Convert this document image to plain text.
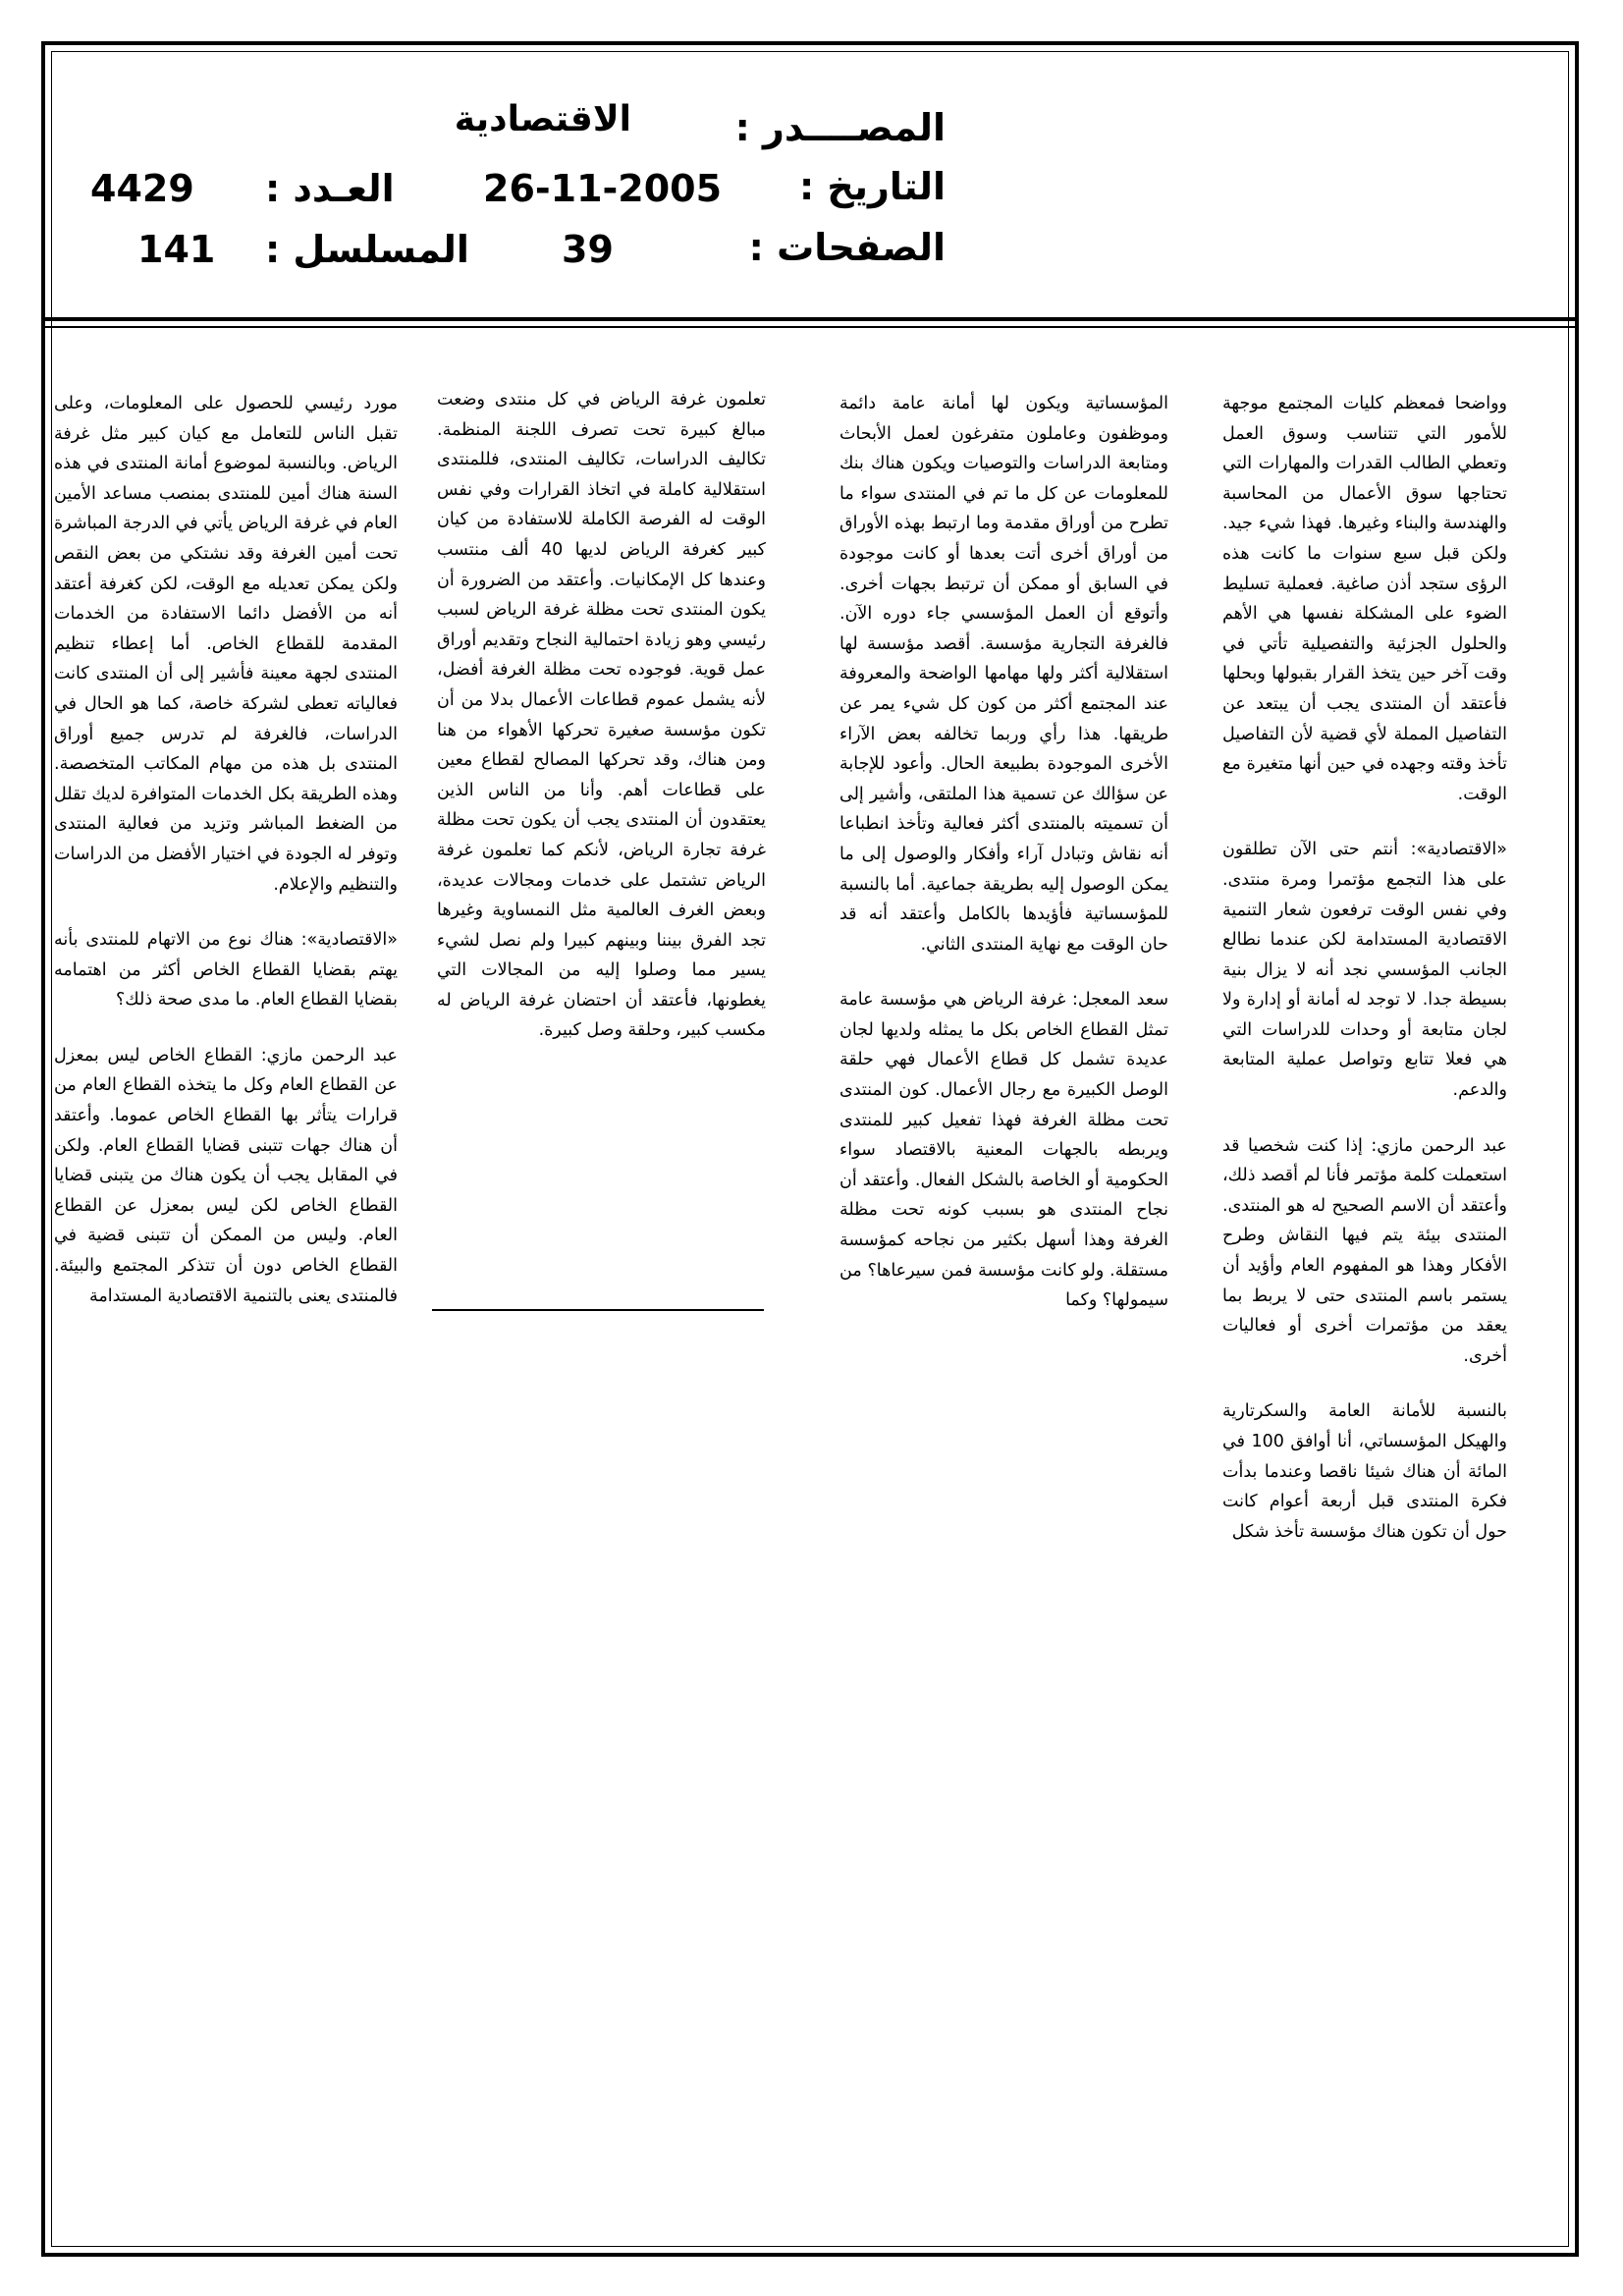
المصــــدر :
الاقتصادية
التاريخ :
26-11-2005
العـدد :
4429
الصفحات :
39
المسلسل :
141

وواضحا فمعظم كليات المجتمع موجهة للأمور التي تتناسب وسوق العمل وتعطي الطالب القدرات والمهارات التي تحتاجها سوق الأعمال من المحاسبة والهندسة والبناء وغيرها. فهذا شيء جيد. ولكن قبل سبع سنوات ما كانت هذه الرؤى ستجد أذن صاغية. فعملية تسليط الضوء على المشكلة نفسها هي الأهم والحلول الجزئية والتفصيلية تأتي في وقت آخر حين يتخذ القرار بقبولها وبحلها فأعتقد أن المنتدى يجب أن يبتعد عن التفاصيل المملة لأي قضية لأن التفاصيل تأخذ وقته وجهده في حين أنها متغيرة مع الوقت.

«الاقتصادية»: أنتم حتى الآن تطلقون على هذا التجمع مؤتمرا ومرة منتدى. وفي نفس الوقت ترفعون شعار التنمية الاقتصادية المستدامة لكن عندما نطالع الجانب المؤسسي نجد أنه لا يزال بنية بسيطة جدا. لا توجد له أمانة أو إدارة ولا لجان متابعة أو وحدات للدراسات التي هي فعلا تتابع وتواصل عملية المتابعة والدعم.

عبد الرحمن مازي: إذا كنت شخصيا قد استعملت كلمة مؤتمر فأنا لم أقصد ذلك، وأعتقد أن الاسم الصحيح له هو المنتدى. المنتدى بيئة يتم فيها النقاش وطرح الأفكار وهذا هو المفهوم العام وأؤيد أن يستمر باسم المنتدى حتى لا يربط بما يعقد من مؤتمرات أخرى أو فعاليات أخرى.

بالنسبة للأمانة العامة والسكرتارية والهيكل المؤسساتي، أنا أوافق 100 في المائة أن هناك شيئا ناقصا وعندما بدأت فكرة المنتدى قبل أربعة أعوام كانت حول أن تكون هناك مؤسسة تأخذ شكل

المؤسساتية ويكون لها أمانة عامة دائمة وموظفون وعاملون متفرغون لعمل الأبحاث ومتابعة الدراسات والتوصيات ويكون هناك بنك للمعلومات عن كل ما تم في المنتدى سواء ما تطرح من أوراق مقدمة وما ارتبط بهذه الأوراق من أوراق أخرى أتت بعدها أو كانت موجودة في السابق أو ممكن أن ترتبط بجهات أخرى. وأتوقع أن العمل المؤسسي جاء دوره الآن. فالغرفة التجارية مؤسسة. أقصد مؤسسة لها استقلالية أكثر ولها مهامها الواضحة والمعروفة عند المجتمع أكثر من كون كل شيء يمر عن طريقها. هذا رأي وربما تخالفه بعض الآراء الأخرى الموجودة بطبيعة الحال. وأعود للإجابة عن سؤالك عن تسمية هذا الملتقى، وأشير إلى أن تسميته بالمنتدى أكثر فعالية وتأخذ انطباعا أنه نقاش وتبادل آراء وأفكار والوصول إلى ما يمكن الوصول إليه بطريقة جماعية. أما بالنسبة للمؤسساتية فأؤيدها بالكامل وأعتقد أنه قد حان الوقت مع نهاية المنتدى الثاني.

سعد المعجل: غرفة الرياض هي مؤسسة عامة تمثل القطاع الخاص بكل ما يمثله ولديها لجان عديدة تشمل كل قطاع الأعمال فهي حلقة الوصل الكبيرة مع رجال الأعمال. كون المنتدى تحت مظلة الغرفة فهذا تفعيل كبير للمنتدى ويربطه بالجهات المعنية بالاقتصاد سواء الحكومية أو الخاصة بالشكل الفعال. وأعتقد أن نجاح المنتدى هو بسبب كونه تحت مظلة الغرفة وهذا أسهل بكثير من نجاحه كمؤسسة مستقلة. ولو كانت مؤسسة فمن سيرعاها؟ من سيمولها؟ وكما

تعلمون غرفة الرياض في كل منتدى وضعت مبالغ كبيرة تحت تصرف اللجنة المنظمة. تكاليف الدراسات، تكاليف المنتدى، فللمنتدى استقلالية كاملة في اتخاذ القرارات وفي نفس الوقت له الفرصة الكاملة للاستفادة من كيان كبير كغرفة الرياض لديها 40 ألف منتسب وعندها كل الإمكانيات. وأعتقد من الضرورة أن يكون المنتدى تحت مظلة غرفة الرياض لسبب رئيسي وهو زيادة احتمالية النجاح وتقديم أوراق عمل قوية. فوجوده تحت مظلة الغرفة أفضل، لأنه يشمل عموم قطاعات الأعمال بدلا من أن تكون مؤسسة صغيرة تحركها الأهواء من هنا ومن هناك، وقد تحركها المصالح لقطاع معين على قطاعات أهم. وأنا من الناس الذين يعتقدون أن المنتدى يجب أن يكون تحت مظلة غرفة تجارة الرياض، لأنكم كما تعلمون غرفة الرياض تشتمل على خدمات ومجالات عديدة، وبعض الغرف العالمية مثل النمساوية وغيرها تجد الفرق بيننا وبينهم كبيرا ولم نصل لشيء يسير مما وصلوا إليه من المجالات التي يغطونها، فأعتقد أن احتضان غرفة الرياض له مكسب كبير، وحلقة وصل كبيرة.

مورد رئيسي للحصول على المعلومات، وعلى تقبل الناس للتعامل مع كيان كبير مثل غرفة الرياض. وبالنسبة لموضوع أمانة المنتدى في هذه السنة هناك أمين للمنتدى بمنصب مساعد الأمين العام في غرفة الرياض يأتي في الدرجة المباشرة تحت أمين الغرفة وقد نشتكي من بعض النقص ولكن يمكن تعديله مع الوقت، لكن كغرفة أعتقد أنه من الأفضل دائما الاستفادة من الخدمات المقدمة للقطاع الخاص. أما إعطاء تنظيم المنتدى لجهة معينة فأشير إلى أن المنتدى كانت فعالياته تعطى لشركة خاصة، كما هو الحال في الدراسات، فالغرفة لم تدرس جميع أوراق المنتدى بل هذه من مهام المكاتب المتخصصة. وهذه الطريقة بكل الخدمات المتوافرة لديك تقلل من الضغط المباشر وتزيد من فعالية المنتدى وتوفر له الجودة في اختيار الأفضل من الدراسات والتنظيم والإعلام.

«الاقتصادية»: هناك نوع من الاتهام للمنتدى بأنه يهتم بقضايا القطاع الخاص أكثر من اهتمامه بقضايا القطاع العام. ما مدى صحة ذلك؟

عبد الرحمن مازي: القطاع الخاص ليس بمعزل عن القطاع العام وكل ما يتخذه القطاع العام من قرارات يتأثر بها القطاع الخاص عموما. وأعتقد أن هناك جهات تتبنى قضايا القطاع العام. ولكن في المقابل يجب أن يكون هناك من يتبنى قضايا القطاع الخاص لكن ليس بمعزل عن القطاع العام. وليس من الممكن أن تتبنى قضية في القطاع الخاص دون أن تتذكر المجتمع والبيئة. فالمنتدى يعنى بالتنمية الاقتصادية المستدامة
